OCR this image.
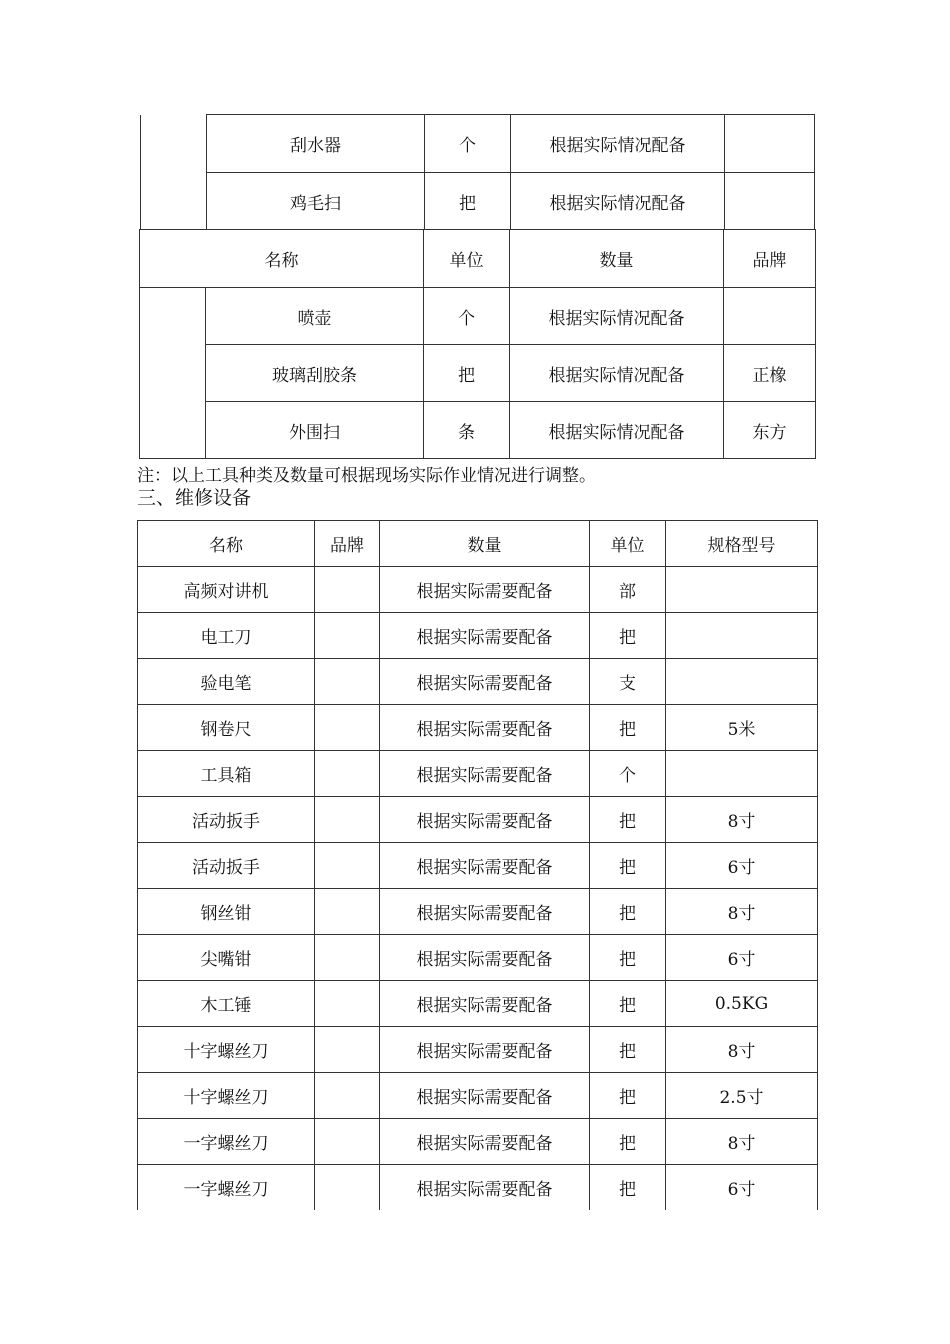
	刮水器	个	根据实际情况配备	
	鸡毛扫	把	根据实际情况配备	
名称		单位	数量	品牌
	喷壶	个	根据实际情况配备	
	玻璃刮胶条	把	根据实际情况配备	正橡
	外围扫	条	根据实际情况配备	东方
注：以上工具种类及数量可根据现场实际作业情况进行调整。
三、维修设备
名称	品牌	数量	单位	规格型号
高频对讲机		根据实际需要配备	部	
电工刀		根据实际需要配备	把	
验电笔		根据实际需要配备	支	
钢卷尺		根据实际需要配备	把	5米
工具箱		根据实际需要配备	个	
活动扳手		根据实际需要配备	把	8寸
活动扳手		根据实际需要配备	把	6寸
钢丝钳		根据实际需要配备	把	8寸
尖嘴钳		根据实际需要配备	把	6寸
木工锤		根据实际需要配备	把	0.5KG
十字螺丝刀		根据实际需要配备	把	8寸
十字螺丝刀		根据实际需要配备	把	2.5寸
一字螺丝刀		根据实际需要配备	把	8寸
一字螺丝刀		根据实际需要配备	把	6寸
